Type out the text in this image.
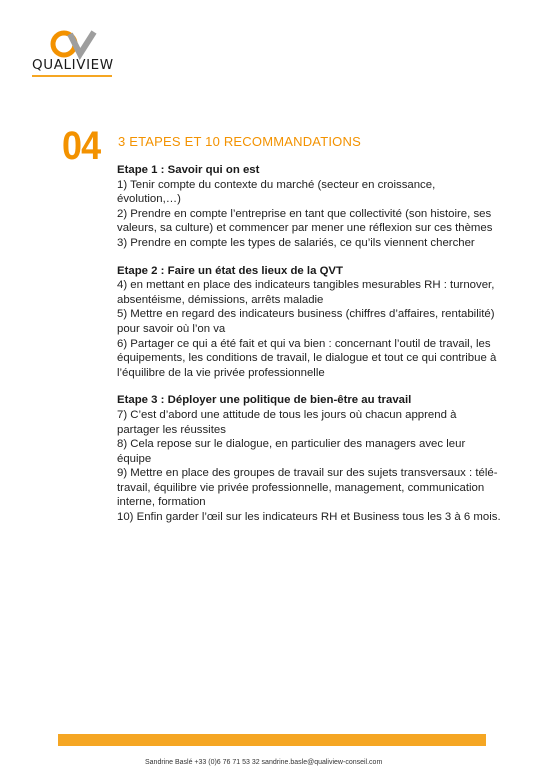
QUALIVIEW
04 3 ETAPES ET 10 RECOMMANDATIONS
Etape 1 : Savoir qui on est
1) Tenir compte du contexte du marché (secteur en croissance, évolution,…)
2) Prendre en compte l’entreprise en tant que collectivité (son histoire, ses valeurs, sa culture) et commencer par mener une réflexion sur ces thèmes
3) Prendre en compte les types de salariés, ce qu’ils viennent chercher
Etape 2 : Faire un état des lieux de la QVT
4) en mettant en place des indicateurs tangibles mesurables RH : turnover, absentéisme, démissions, arrêts maladie
5) Mettre en regard des indicateurs business (chiffres d’affaires, rentabilité) pour savoir où l’on va
6) Partager ce qui a été fait et qui va bien : concernant l’outil de travail, les équipements, les conditions de travail, le dialogue et tout ce qui contribue à l’équilibre de la vie privée professionnelle
Etape 3 : Déployer une politique de bien-être au travail
7) C’est d’abord une attitude de tous les jours où chacun apprend à partager les réussites
8) Cela repose sur le dialogue, en particulier des managers avec leur équipe
9) Mettre en place des groupes de travail sur des sujets transversaux : télé-travail, équilibre vie privée professionnelle, management, communication interne, formation
10) Enfin garder l’œil sur les indicateurs RH et Business tous les 3 à 6 mois.
Sandrine Baslé +33 (0)6 76 71 53 32 sandrine.basle@qualiview-conseil.com
